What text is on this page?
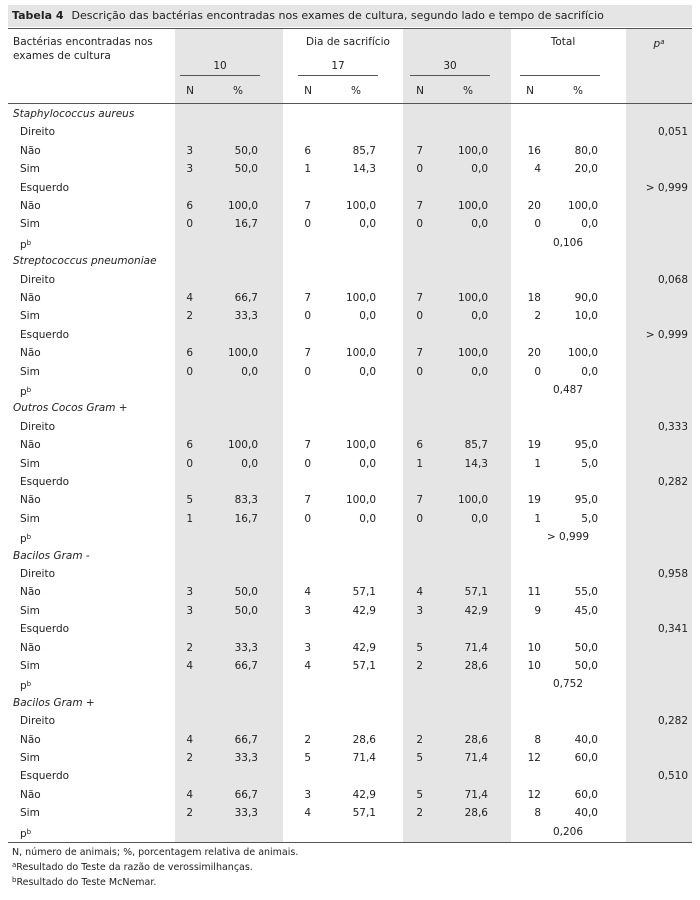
Tabela 4 Descrição das bactérias encontradas nos exames de cultura, segundo lado e tempo de sacrifício
Bactérias encontradas nos
exames de cultura
Dia de sacrifício	Total	$p^a$
10	17	30
N	%	N	%	N	%	N	%
Staphylococcus aureus
Direito	0,051
Não	3	50,0	6	85,7	7	100,0	16	80,0
Sim	3	50,0	1	14,3	0	0,0	4	20,0
Esquerdo	> 0,999
Não	6	100,0	7	100,0	7	100,0	20	100,0
Sim	0	16,7	0	0,0	0	0,0	0	0,0
$p^b$	0,106
Streptococcus pneumoniae
Direito	0,068
Não	4	66,7	7	100,0	7	100,0	18	90,0
Sim	2	33,3	0	0,0	0	0,0	2	10,0
Esquerdo	> 0,999
Não	6	100,0	7	100,0	7	100,0	20	100,0
Sim	0	0,0	0	0,0	0	0,0	0	0,0
$p^b$	0,487
Outros Cocos Gram +
Direito	0,333
Não	6	100,0	7	100,0	6	85,7	19	95,0
Sim	0	0,0	0	0,0	1	14,3	1	5,0
Esquerdo	0,282
Não	5	83,3	7	100,0	7	100,0	19	95,0
Sim	1	16,7	0	0,0	0	0,0	1	5,0
$p^b$	> 0,999
Bacilos Gram -
Direito	0,958
Não	3	50,0	4	57,1	4	57,1	11	55,0
Sim	3	50,0	3	42,9	3	42,9	9	45,0
Esquerdo	0,341
Não	2	33,3	3	42,9	5	71,4	10	50,0
Sim	4	66,7	4	57,1	2	28,6	10	50,0
$p^b$	0,752
Bacilos Gram +
Direito	0,282
Não	4	66,7	2	28,6	2	28,6	8	40,0
Sim	2	33,3	5	71,4	5	71,4	12	60,0
Esquerdo	0,510
Não	4	66,7	3	42,9	5	71,4	12	60,0
Sim	2	33,3	4	57,1	2	28,6	8	40,0
$p^b$	0,206
N, número de animais; %, porcentagem relativa de animais.
$^a$Resultado do Teste da razão de verossimilhanças.
$^b$Resultado do Teste McNemar.
